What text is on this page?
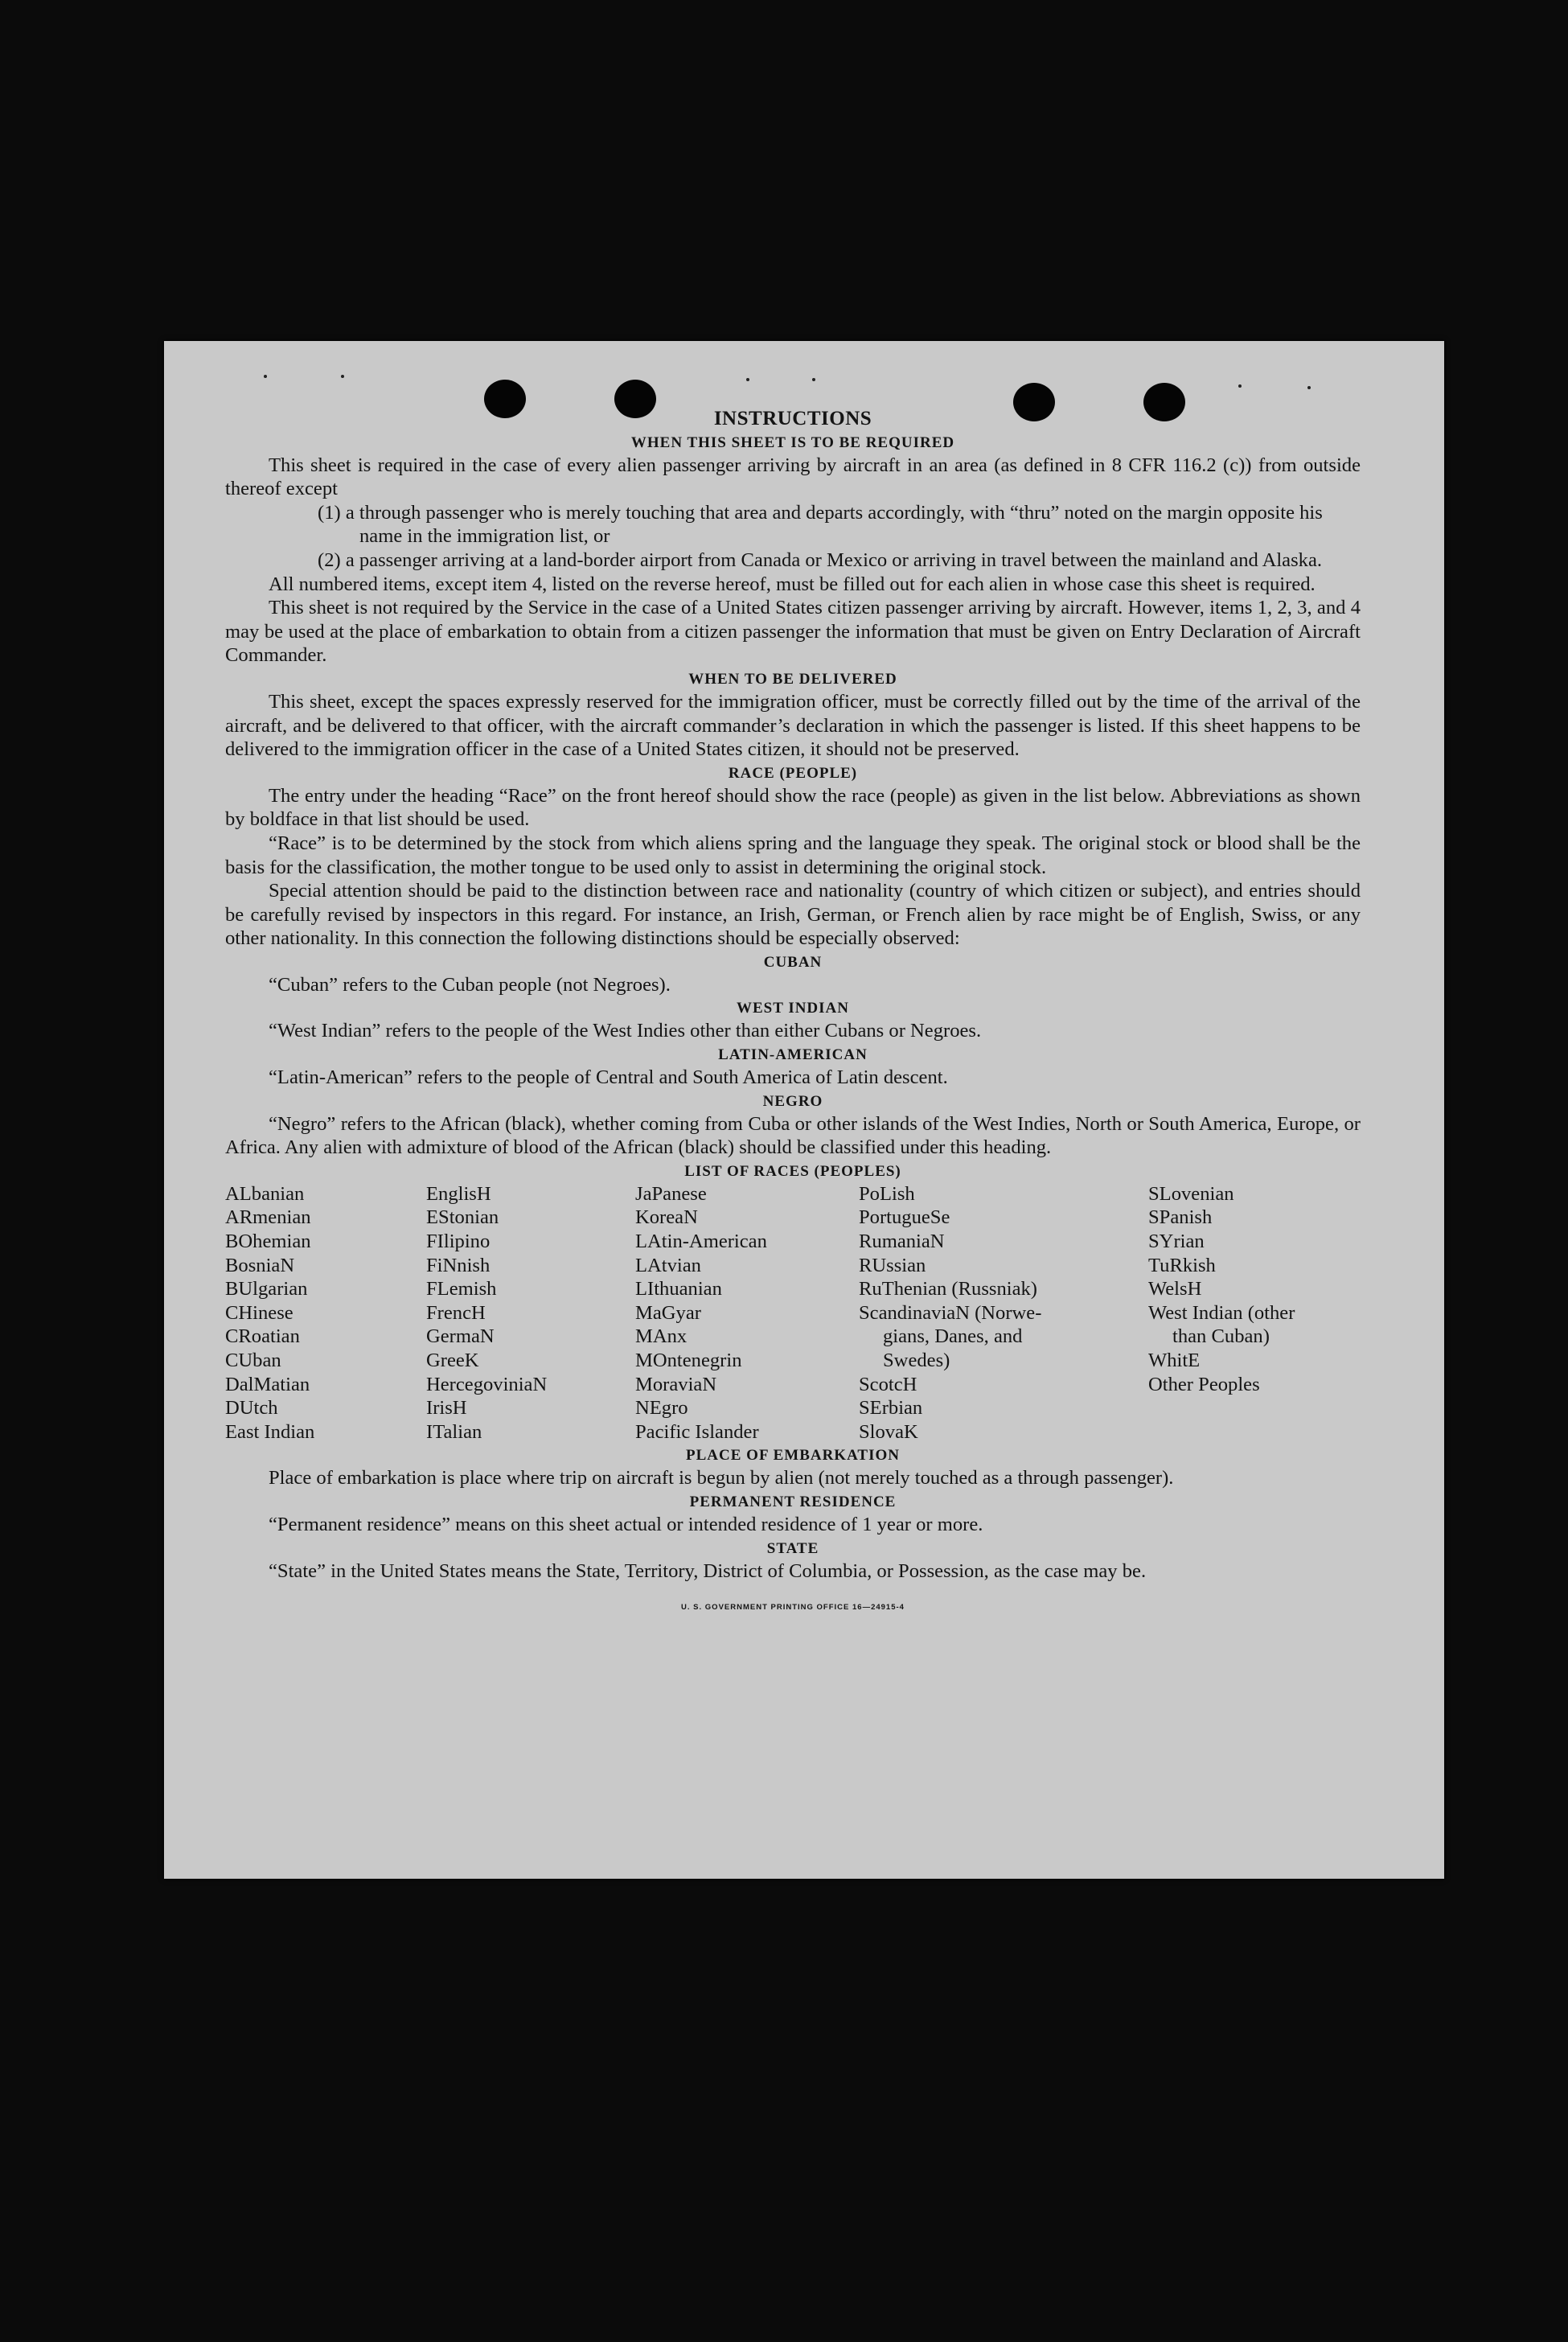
INSTRUCTIONS
WHEN THIS SHEET IS TO BE REQUIRED

This sheet is required in the case of every alien passenger arriving by aircraft in an area (as defined in 8 CFR 116.2 (c)) from outside thereof except

(1) a through passenger who is merely touching that area and departs accordingly, with “thru” noted on the margin opposite his name in the immigration list, or

(2) a passenger arriving at a land-border airport from Canada or Mexico or arriving in travel between the mainland and Alaska.

All numbered items, except item 4, listed on the reverse hereof, must be filled out for each alien in whose case this sheet is required.

This sheet is not required by the Service in the case of a United States citizen passenger arriving by aircraft. However, items 1, 2, 3, and 4 may be used at the place of embarkation to obtain from a citizen passenger the information that must be given on Entry Declaration of Aircraft Commander.

WHEN TO BE DELIVERED

This sheet, except the spaces expressly reserved for the immigration officer, must be correctly filled out by the time of the arrival of the aircraft, and be delivered to that officer, with the aircraft commander’s declaration in which the passenger is listed. If this sheet happens to be delivered to the immigration officer in the case of a United States citizen, it should not be preserved.

RACE (PEOPLE)

The entry under the heading “Race” on the front hereof should show the race (people) as given in the list below. Abbreviations as shown by boldface in that list should be used.

“Race” is to be determined by the stock from which aliens spring and the language they speak. The original stock or blood shall be the basis for the classification, the mother tongue to be used only to assist in determining the original stock.

Special attention should be paid to the distinction between race and nationality (country of which citizen or subject), and entries should be carefully revised by inspectors in this regard. For instance, an Irish, German, or French alien by race might be of English, Swiss, or any other nationality. In this connection the following distinctions should be especially observed:

CUBAN

“Cuban” refers to the Cuban people (not Negroes).

WEST INDIAN

“West Indian” refers to the people of the West Indies other than either Cubans or Negroes.

LATIN-AMERICAN

“Latin-American” refers to the people of Central and South America of Latin descent.

NEGRO

“Negro” refers to the African (black), whether coming from Cuba or other islands of the West Indies, North or South America, Europe, or Africa. Any alien with admixture of blood of the African (black) should be classified under this heading.

LIST OF RACES (PEOPLES)
ALbanian
ARmenian
BOhemian
BosniaN
BUlgarian
CHinese
CRoatian
CUban
DalMatian
DUtch
East Indian
EnglisH
EStonian
FIlipino
FiNnish
FLemish
FrencH
GermaN
GreeK
HercegoviniaN
IrisH
ITalian
JaPanese
KoreaN
LAtin-American
LAtvian
LIthuanian
MaGyar
MAnx
MOntenegrin
MoraviaN
NEgro
Pacific Islander
PoLish
PortugueSe
RumaniaN
RUssian
RuThenian (Russniak)
ScandinaviaN (Norwe-
gians, Danes, and
Swedes)
ScotcH
SErbian
SlovaK
SLovenian
SPanish
SYrian
TuRkish
WelsH
West Indian (other
than Cuban)
WhitE
Other Peoples
PLACE OF EMBARKATION

Place of embarkation is place where trip on aircraft is begun by alien (not merely touched as a through passenger).

PERMANENT RESIDENCE

“Permanent residence” means on this sheet actual or intended residence of 1 year or more.

STATE

“State” in the United States means the State, Territory, District of Columbia, or Possession, as the case may be.

U. S. GOVERNMENT PRINTING OFFICE 16—24915-4
